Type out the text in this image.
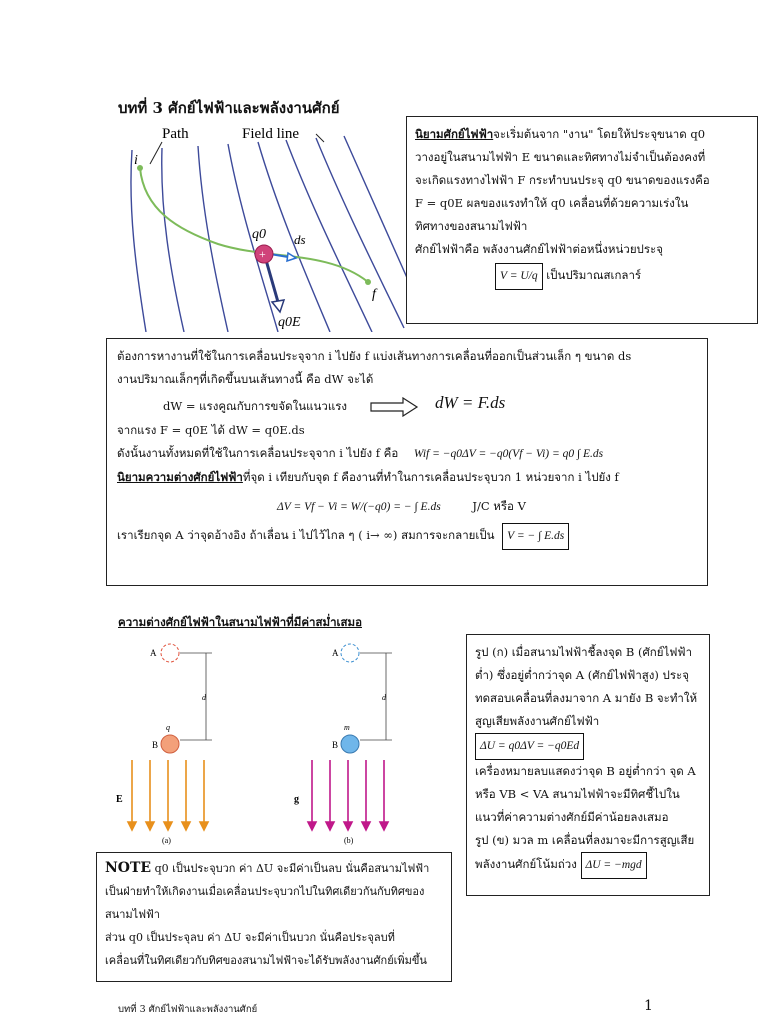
บทที่ 3 ศักย์ไฟฟ้าและพลังงานศักย์
Path	Field line
i
f
q0 ds
q0E
+
นิยามศักย์ไฟฟ้าจะเริ่มต้นจาก "งาน" โดยให้ประจุขนาด q0
วางอยู่ในสนามไฟฟ้า E ขนาดและทิศทางไม่จำเป็นต้องคงที่
จะเกิดแรงทางไฟฟ้า F กระทำบนประจุ q0 ขนาดของแรงคือ
F = q0E ผลของแรงทำให้ q0 เคลื่อนที่ด้วยความเร่งใน
ทิศทางของสนามไฟฟ้า
ศักย์ไฟฟ้าคือ พลังงานศักย์ไฟฟ้าต่อหนึ่งหน่วยประจุ
V = U/q เป็นปริมาณสเกลาร์
ต้องการหางานที่ใช้ในการเคลื่อนประจุจาก i ไปยัง f แบ่งเส้นทางการเคลื่อนที่ออกเป็นส่วนเล็ก ๆ ขนาด ds
งานปริมาณเล็กๆที่เกิดขึ้นบนเส้นทางนี้ คือ dW จะได้
dW = แรงคูณกับการขจัดในแนวแรง	dW = F.ds
จากแรง F = q0E ได้ dW = q0E.ds
ดังนั้นงานทั้งหมดที่ใช้ในการเคลื่อนประจุจาก i ไปยัง f คือ Wif = −q0ΔV = −q0(Vf − Vi) = q0 ∫ E.ds
นิยามความต่างศักย์ไฟฟ้าที่จุด i เทียบกับจุด f คืองานที่ทำในการเคลื่อนประจุบวก 1 หน่วยจาก i ไปยัง f
ΔV = Vf − Vi = W/(−q0) = − ∫ E.ds	J/C หรือ V
เราเรียกจุด A ว่าจุดอ้างอิง ถ้าเลื่อน i ไปไว้ไกล ๆ ( i→ ∞) สมการจะกลายเป็น V = − ∫ E.ds
ความต่างศักย์ไฟฟ้าในสนามไฟฟ้าที่มีค่าสม่ำเสมอ
A
d
q
B
E
(a)
A
d
m
B
g
(b)
รูป (ก) เมื่อสนามไฟฟ้าชี้ลงจุด B (ศักย์ไฟฟ้า
ต่ำ) ซึ่งอยู่ต่ำกว่าจุด A (ศักย์ไฟฟ้าสูง) ประจุ
ทดสอบเคลื่อนที่ลงมาจาก A มายัง B จะทำให้
สูญเสียพลังงานศักย์ไฟฟ้า
ΔU = q0ΔV = −q0Ed
เครื่องหมายลบแสดงว่าจุด B อยู่ต่ำกว่า จุด A
หรือ VB < VA สนามไฟฟ้าจะมีทิศชี้ไปใน
แนวที่ค่าความต่างศักย์มีค่าน้อยลงเสมอ
รูป (ข) มวล m เคลื่อนที่ลงมาจะมีการสูญเสีย
พลังงานศักย์โน้มถ่วง ΔU = −mgd
NOTE q0 เป็นประจุบวก ค่า ΔU จะมีค่าเป็นลบ นั่นคือสนามไฟฟ้า
เป็นฝ่ายทำให้เกิดงานเมื่อเคลื่อนประจุบวกไปในทิศเดียวกันกับทิศของ
สนามไฟฟ้า
ส่วน q0 เป็นประจุลบ ค่า ΔU จะมีค่าเป็นบวก นั่นคือประจุลบที่
เคลื่อนที่ในทิศเดียวกับทิศของสนามไฟฟ้าจะได้รับพลังงานศักย์เพิ่มขึ้น
บทที่ 3 ศักย์ไฟฟ้าและพลังงานศักย์	1
